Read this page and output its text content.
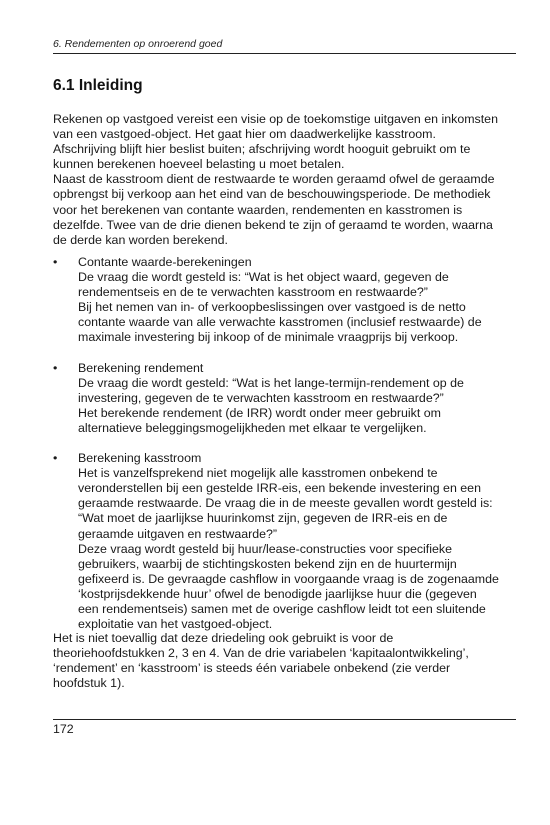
6. Rendementen op onroerend goed
6.1 Inleiding
Rekenen op vastgoed vereist een visie op de toekomstige uitgaven en inkomsten
van een vastgoed-object. Het gaat hier om daadwerkelijke kasstroom.
Afschrijving blijft hier beslist buiten; afschrijving wordt hooguit gebruikt om te
kunnen berekenen hoeveel belasting u moet betalen.
Naast de kasstroom dient de restwaarde te worden geraamd ofwel de geraamde
opbrengst bij verkoop aan het eind van de beschouwingsperiode. De methodiek
voor het berekenen van contante waarden, rendementen en kasstromen is
dezelfde. Twee van de drie dienen bekend te zijn of geraamd te worden, waarna
de derde kan worden berekend.
•	Contante waarde-berekeningen

De vraag die wordt gesteld is: “Wat is het object waard, gegeven de

rendementseis en de te verwachten kasstroom en restwaarde?”

Bij het nemen van in- of verkoopbeslissingen over vastgoed is de netto

contante waarde van alle verwachte kasstromen (inclusief restwaarde) de

maximale investering bij inkoop of de minimale vraagprijs bij verkoop.

•	Berekening rendement

De vraag die wordt gesteld: “Wat is het lange-termijn-rendement op de

investering, gegeven de te verwachten kasstroom en restwaarde?”

Het berekende rendement (de IRR) wordt onder meer gebruikt om

alternatieve beleggingsmogelijkheden met elkaar te vergelijken.

•	Berekening kasstroom

Het is vanzelfsprekend niet mogelijk alle kasstromen onbekend te

veronderstellen bij een gestelde IRR-eis, een bekende investering en een

geraamde restwaarde. De vraag die in de meeste gevallen wordt gesteld is:

“Wat moet de jaarlijkse huurinkomst zijn, gegeven de IRR-eis en de

geraamde uitgaven en restwaarde?”

Deze vraag wordt gesteld bij huur/lease-constructies voor specifieke

gebruikers, waarbij de stichtingskosten bekend zijn en de huurtermijn

gefixeerd is. De gevraagde cashflow in voorgaande vraag is de zogenaamde

‘kostprijsdekkende huur’ ofwel de benodigde jaarlijkse huur die (gegeven

een rendementseis) samen met de overige cashflow leidt tot een sluitende

exploitatie van het vastgoed-object.

Het is niet toevallig dat deze driedeling ook gebruikt is voor de
theoriehoofdstukken 2, 3 en 4. Van de drie variabelen ‘kapitaalontwikkeling’,
‘rendement’ en ‘kasstroom’ is steeds één variabele onbekend (zie verder
hoofdstuk 1).
172
